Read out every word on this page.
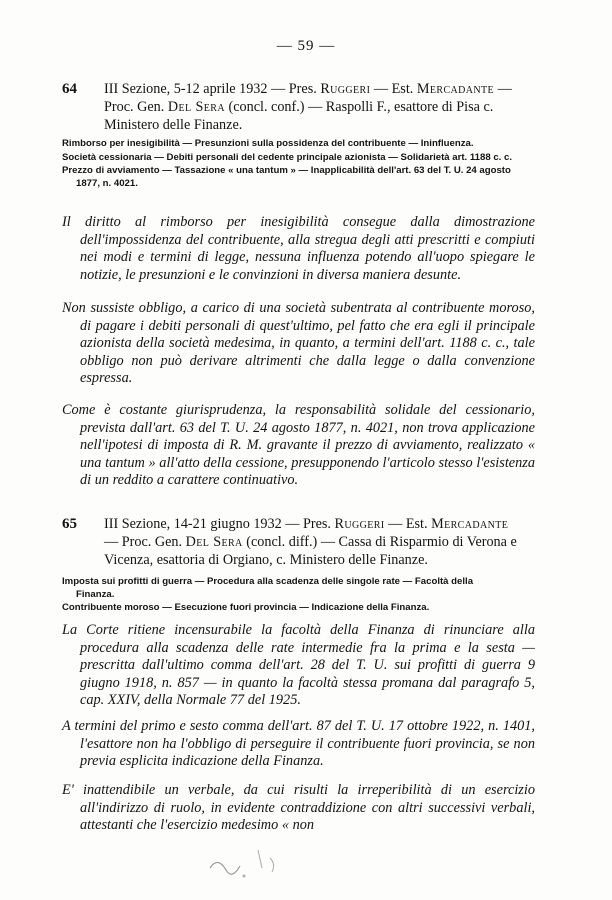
— 59 —
64 III Sezione, 5-12 aprile 1932 — Pres. Ruggeri — Est. Mercadante — Proc. Gen. Del Sera (concl. conf.) — Raspolli F., esattore di Pisa c. Ministero delle Finanze.
Rimborso per inesigibilità — Presunzioni sulla possidenza del contribuente — Ininfluenza.
Società cessionaria — Debiti personali del cedente principale azionista — Solidarietà art. 1188 c. c.
Prezzo di avviamento — Tassazione « una tantum » — Inapplicabilità dell'art. 63 del T. U. 24 agosto 1877, n. 4021.
Il diritto al rimborso per inesigibilità consegue dalla dimostrazione dell'impossidenza del contribuente, alla stregua degli atti prescritti e compiuti nei modi e termini di legge, nessuna influenza potendo all'uopo spiegare le notizie, le presunzioni e le convinzioni in diversa maniera desunte.
Non sussiste obbligo, a carico di una società subentrata al contribuente moroso, di pagare i debiti personali di quest'ultimo, pel fatto che era egli il principale azionista della società medesima, in quanto, a termini dell'art. 1188 c. c., tale obbligo non può derivare altrimenti che dalla legge o dalla convenzione espressa.
Come è costante giurisprudenza, la responsabilità solidale del cessionario, prevista dall'art. 63 del T. U. 24 agosto 1877, n. 4021, non trova applicazione nell'ipotesi di imposta di R. M. gravante il prezzo di avviamento, realizzato « una tantum » all'atto della cessione, presupponendo l'articolo stesso l'esistenza di un reddito a carattere continuativo.
65 III Sezione, 14-21 giugno 1932 — Pres. Ruggeri — Est. Mercadante — Proc. Gen. Del Sera (concl. diff.) — Cassa di Risparmio di Verona e Vicenza, esattoria di Orgiano, c. Ministero delle Finanze.
Imposta sui profitti di guerra — Procedura alla scadenza delle singole rate — Facoltà della Finanza.
Contribuente moroso — Esecuzione fuori provincia — Indicazione della Finanza.
La Corte ritiene incensurabile la facoltà della Finanza di rinunciare alla procedura alla scadenza delle rate intermedie fra la prima e la sesta — prescritta dall'ultimo comma dell'art. 28 del T. U. sui profitti di guerra 9 giugno 1918, n. 857 — in quanto la facoltà stessa promana dal paragrafo 5, cap. XXIV, della Normale 77 del 1925.
A termini del primo e sesto comma dell'art. 87 del T. U. 17 ottobre 1922, n. 1401, l'esattore non ha l'obbligo di perseguire il contribuente fuori provincia, se non previa esplicita indicazione della Finanza.
E' inattendibile un verbale, da cui risulti la irreperibilità di un esercizio all'indirizzo di ruolo, in evidente contraddizione con altri successivi verbali, attestanti che l'esercizio medesimo « non
